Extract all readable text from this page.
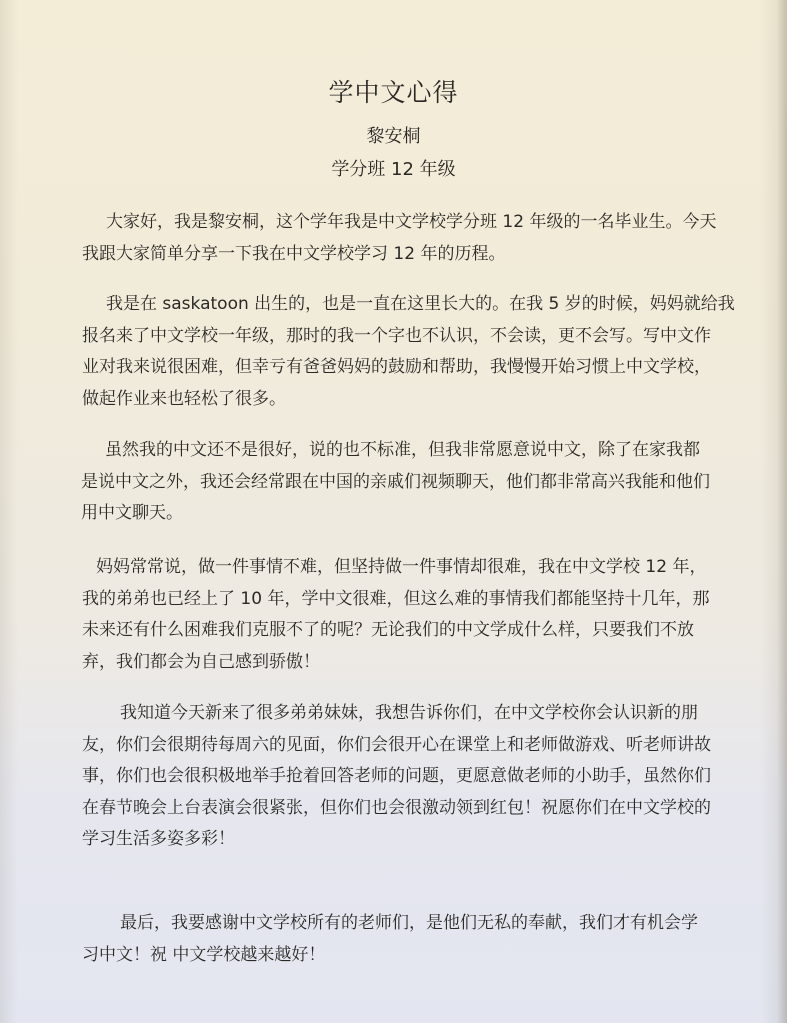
学中文心得
黎安桐
学分班 12 年级

大家好，我是黎安桐，这个学年我是中文学校学分班 12 年级的一名毕业生。今天
我跟大家简单分享一下我在中文学校学习 12 年的历程。

我是在 saskatoon 出生的，也是一直在这里长大的。在我 5 岁的时候，妈妈就给我
报名来了中文学校一年级，那时的我一个字也不认识，不会读，更不会写。写中文作
业对我来说很困难，但幸亏有爸爸妈妈的鼓励和帮助，我慢慢开始习惯上中文学校，
做起作业来也轻松了很多。

虽然我的中文还不是很好，说的也不标准，但我非常愿意说中文，除了在家我都
是说中文之外，我还会经常跟在中国的亲戚们视频聊天，他们都非常高兴我能和他们
用中文聊天。

妈妈常常说，做一件事情不难，但坚持做一件事情却很难，我在中文学校 12 年，
我的弟弟也已经上了 10 年，学中文很难，但这么难的事情我们都能坚持十几年，那
未来还有什么困难我们克服不了的呢？无论我们的中文学成什么样，只要我们不放
弃，我们都会为自己感到骄傲！

我知道今天新来了很多弟弟妹妹，我想告诉你们，在中文学校你会认识新的朋
友，你们会很期待每周六的见面，你们会很开心在课堂上和老师做游戏、听老师讲故
事，你们也会很积极地举手抢着回答老师的问题，更愿意做老师的小助手，虽然你们
在春节晚会上台表演会很紧张，但你们也会很激动领到红包！祝愿你们在中文学校的
学习生活多姿多彩！

最后，我要感谢中文学校所有的老师们，是他们无私的奉献，我们才有机会学
习中文！祝 中文学校越来越好！
